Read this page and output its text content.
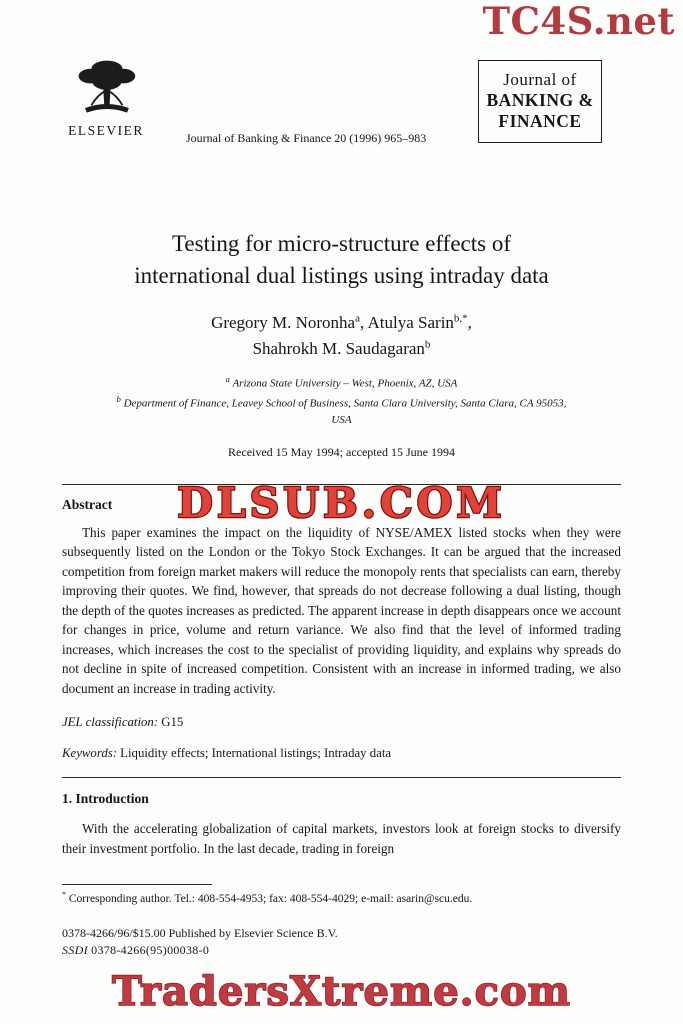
TC4S.net
ELSEVIER	Journal of Banking & Finance 20 (1996) 965–983
Journal of
BANKING &
FINANCE
Testing for micro-structure effects of
international dual listings using intraday data
Gregory M. Noronha$^a$, Atulya Sarin$^{b,*}$,
Shahrokh M. Saudagaran$^b$
$^a$ Arizona State University – West, Phoenix, AZ, USA
$^b$ Department of Finance, Leavey School of Business, Santa Clara University, Santa Clara, CA 95053,
USA
Received 15 May 1994; accepted 15 June 1994
Abstract

This paper examines the impact on the liquidity of NYSE/AMEX listed stocks when they were subsequently listed on the London or the Tokyo Stock Exchanges. It can be argued that the increased competition from foreign market makers will reduce the monopoly rents that specialists can earn, thereby improving their quotes. We find, however, that spreads do not decrease following a dual listing, though the depth of the quotes increases as predicted. The apparent increase in depth disappears once we account for changes in price, volume and return variance. We also find that the level of informed trading increases, which increases the cost to the specialist of providing liquidity, and explains why spreads do not decline in spite of increased competition. Consistent with an increase in informed trading, we also document an increase in trading activity.

JEL classification: G15

Keywords: Liquidity effects; International listings; Intraday data

1. Introduction

With the accelerating globalization of capital markets, investors look at foreign stocks to diversify their investment portfolio. In the last decade, trading in foreign

* Corresponding author. Tel.: 408-554-4953; fax: 408-554-4029; e-mail: asarin@scu.edu.

0378-4266/96/$15.00 Published by Elsevier Science B.V.

SSDI 0378-4266(95)00038-0

DLSUB.COM
TradersXtreme.com
